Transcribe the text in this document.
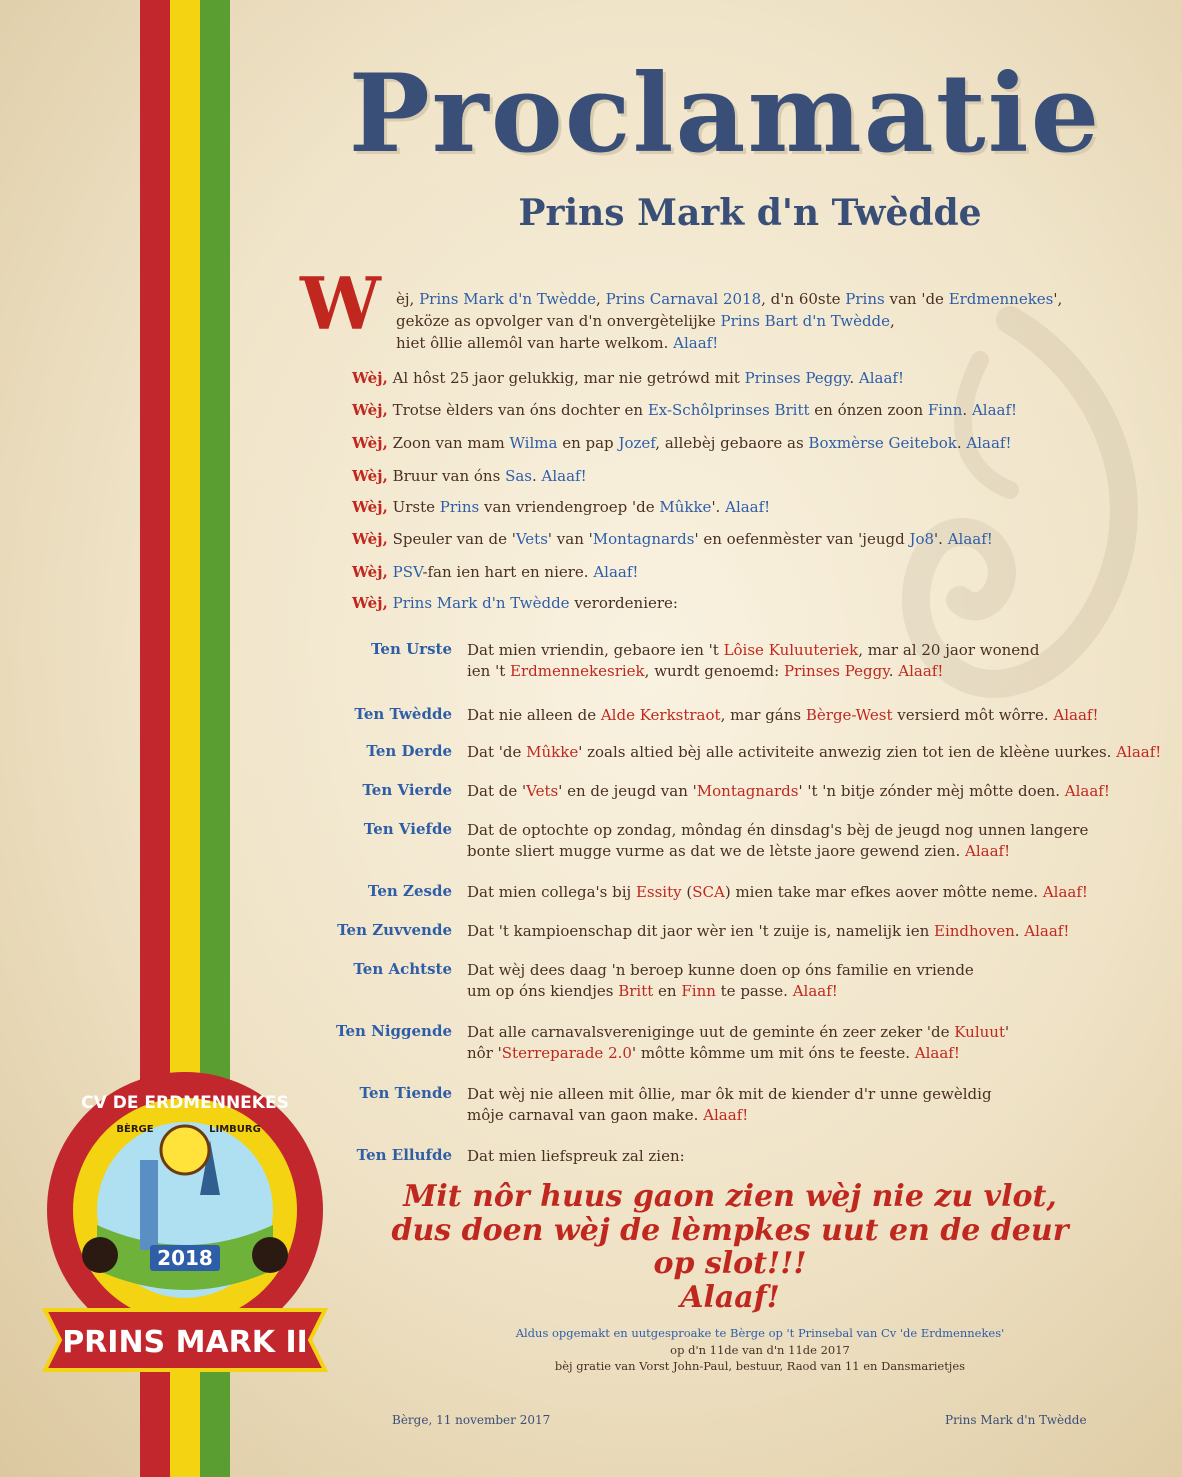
Proclamatie
Prins Mark d'n Twèdde
W èj, Prins Mark d'n Twèdde, Prins Carnaval 2018, d'n 60ste Prins van 'de Erdmennekes',
geköze as opvolger van d'n onvergètelijke Prins Bart d'n Twèdde,
hiet ôllie allemôl van harte welkom. Alaaf!
Wèj, Al hôst 25 jaor gelukkig, mar nie getrówd mit Prinses Peggy. Alaaf!
Wèj, Trotse èlders van óns dochter en Ex-Schôlprinses Britt en ónzen zoon Finn. Alaaf!
Wèj, Zoon van mam Wilma en pap Jozef, allebèj gebaore as Boxmèrse Geitebok. Alaaf!
Wèj, Bruur van óns Sas. Alaaf!
Wèj, Urste Prins van vriendengroep 'de Mûkke'. Alaaf!
Wèj, Speuler van de 'Vets' van 'Montagnards' en oefenmèster van 'jeugd Jo8'. Alaaf!
Wèj, PSV-fan ien hart en niere. Alaaf!
Wèj, Prins Mark d'n Twèdde verordeniere:
Ten Urste Dat mien vriendin, gebaore ien 't Lôise Kuluuteriek, mar al 20 jaor wonend
ien 't Erdmennekesriek, wurdt genoemd: Prinses Peggy. Alaaf!
Ten Twèdde Dat nie alleen de Alde Kerkstraot, mar gáns Bèrge-West versierd môt wôrre. Alaaf!
Ten Derde Dat 'de Mûkke' zoals altied bèj alle activiteite anwezig zien tot ien de klèène uurkes. Alaaf!
Ten Vierde Dat de 'Vets' en de jeugd van 'Montagnards' 't 'n bitje zónder mèj môtte doen. Alaaf!
Ten Viefde Dat de optochte op zondag, môndag én dinsdag's bèj de jeugd nog unnen langere
bonte sliert mugge vurme as dat we de lètste jaore gewend zien. Alaaf!
Ten Zesde Dat mien collega's bij Essity (SCA) mien take mar efkes aover môtte neme. Alaaf!
Ten Zuvvende Dat 't kampioenschap dit jaor wèr ien 't zuije is, namelijk ien Eindhoven. Alaaf!
Ten Achtste Dat wèj dees daag 'n beroep kunne doen op óns familie en vriende
um op óns kiendjes Britt en Finn te passe. Alaaf!
Ten Niggende Dat alle carnavalsverenigingе uut de gemi̇nte én zeer zeker 'de Kuluut'
nôr 'Sterreparade 2.0' môtte kômme um mit óns te feeste. Alaaf!
Ten Tiende Dat wèj nie alleen mit ôllie, mar ôk mit de kiender d'r unne gewèldig
môje carnaval van gaon make. Alaaf!
Ten Ellufde Dat mien liefspreuk zal zien:
Mit nôr huus gaon zien wèj nie zu vlot,
dus doen wèj de lèmpkes uut en de deur op slot!!!
Alaaf!
Aldus opgemakt en uutgesproake te Bèrge op 't Prinsebal van Cv 'de Erdmennekes'
op d'n 11de van d'n 11de 2017
bèj gratie van Vorst John-Paul, bestuur, Raod van 11 en Dansmarietjes
Bèrge, 11 november 2017	Prins Mark d'n Twèdde
2018
CV DE ERDMENNEKES
BÈRGE	LIMBURG
PRINS MARK II
